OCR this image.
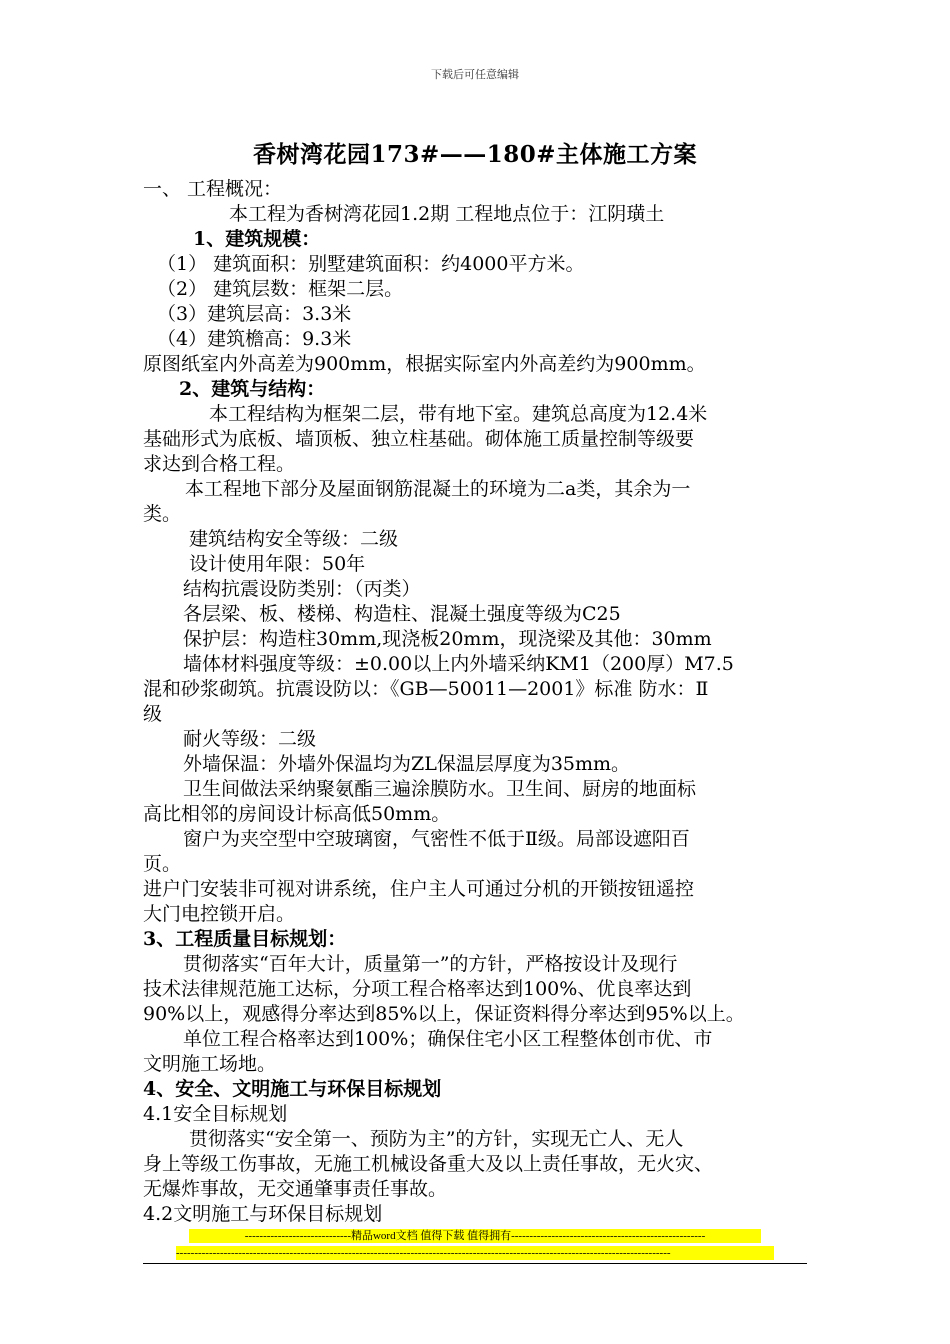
下载后可任意编辑
香树湾花园173#——180#主体施工方案
一、 工程概况：
本工程为香树湾花园1.2期 工程地点位于：江阴璜土
1、建筑规模：
（1） 建筑面积：别墅建筑面积：约4000平方米。
（2） 建筑层数：框架二层。
（3）建筑层高：3.3米
（4）建筑檐高：9.3米
原图纸室内外高差为900mm，根据实际室内外高差约为900mm。
2、建筑与结构：
本工程结构为框架二层，带有地下室。建筑总高度为12.4米
基础形式为底板、墙顶板、独立柱基础。砌体施工质量控制等级要
求达到合格工程。
本工程地下部分及屋面钢筋混凝土的环境为二a类，其余为一
类。
建筑结构安全等级：二级
设计使用年限：50年
结构抗震设防类别：（丙类）
各层梁、板、楼梯、构造柱、混凝土强度等级为C25
保护层：构造柱30mm,现浇板20mm，现浇梁及其他：30mm
墙体材料强度等级：±0.00以上内外墙采纳KM1（200厚）M7.5
混和砂浆砌筑。抗震设防以：《GB—50011—2001》标准 防水：Ⅱ
级
耐火等级：二级
外墙保温：外墙外保温均为ZL保温层厚度为35mm。
卫生间做法采纳聚氨酯三遍涂膜防水。卫生间、厨房的地面标
高比相邻的房间设计标高低50mm。
窗户为夹空型中空玻璃窗，气密性不低于Ⅱ级。局部设遮阳百
页。
进户门安装非可视对讲系统，住户主人可通过分机的开锁按钮遥控
大门电控锁开启。
3、工程质量目标规划：
贯彻落实“百年大计，质量第一”的方针，严格按设计及现行
技术法律规范施工达标，分项工程合格率达到100%、优良率达到
90%以上，观感得分率达到85%以上，保证资料得分率达到95%以上。
单位工程合格率达到100%；确保住宅小区工程整体创市优、市
文明施工场地。
4、安全、文明施工与环保目标规划
4.1安全目标规划
贯彻落实“安全第一、预防为主”的方针，实现无亡人、无人
身上等级工伤事故，无施工机械设备重大及以上责任事故，无火灾、
无爆炸事故，无交通肇事责任事故。
4.2文明施工与环保目标规划
-----------------------------精品word文档 值得下载 值得拥有-----------------------------------------------------
---------------------------------------------------------------------------------------------------------------------------------------
